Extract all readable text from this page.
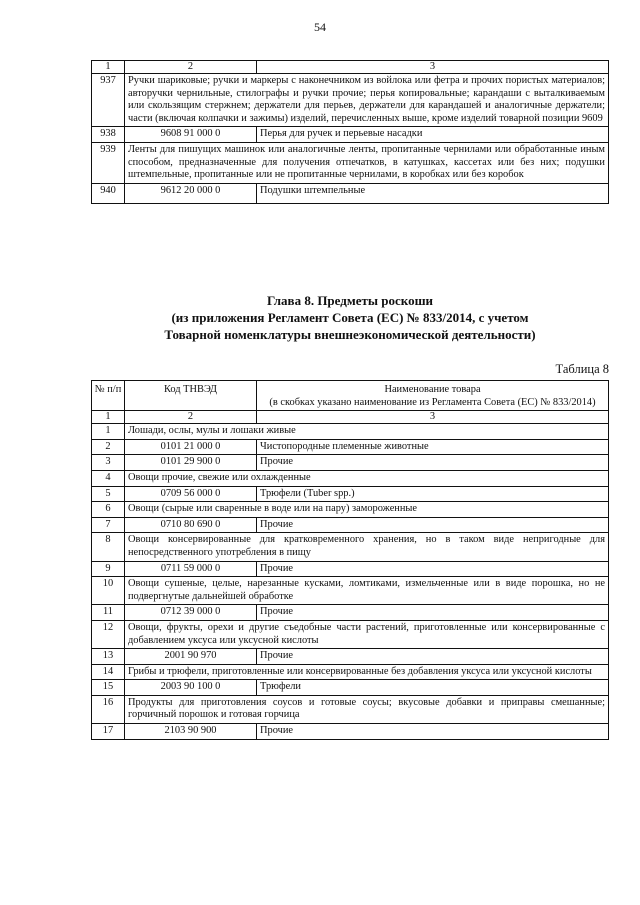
54
1	2	3
937	Ручки шариковые; ручки и маркеры с наконечником из войлока или фетра и прочих пористых материалов; авторучки чернильные, стилографы и ручки прочие; перья копировальные; карандаши с выталкиваемым или скользящим стержнем; держатели для перьев, держатели для карандашей и аналогичные держатели; части (включая колпачки и зажимы) изделий, перечисленных выше, кроме изделий товарной позиции 9609	
938	9608 91 000 0	Перья для ручек и перьевые насадки
939	Ленты для пишущих машинок или аналогичные ленты, пропитанные чернилами или обработанные иным способом, предназначенные для получения отпечатков, в катушках, кассетах или без них; подушки штемпельные, пропитанные или не пропитанные чернилами, в коробках или без коробок	
940	9612 20 000 0	Подушки штемпельные
Глава 8. Предметы роскоши
(из приложения Регламент Совета (ЕС) № 833/2014, с учетом
Товарной номенклатуры внешнеэкономической деятельности)
Таблица 8
№ п/п	Код ТНВЭД	Наименование товара
(в скобках указано наименование из Регламента Совета (ЕС) № 833/2014)

1	2	3
1	Лошади, ослы, мулы и лошаки живые	
2	0101 21 000 0	Чистопородные племенные животные
3	0101 29 900 0	Прочие
4	Овощи прочие, свежие или охлажденные	
5	0709 56 000 0	Трюфели (Tuber spp.)
6	Овощи (сырые или сваренные в воде или на пару) замороженные	
7	0710 80 690 0	Прочие
8	Овощи консервированные для кратковременного хранения, но в таком виде непригодные для непосредственного употребления в пищу	
9	0711 59 000 0	Прочие
10	Овощи сушеные, целые, нарезанные кусками, ломтиками, измельченные или в виде порошка, но не подвергнутые дальнейшей обработке	
11	0712 39 000 0	Прочие
12	Овощи, фрукты, орехи и другие съедобные части растений, приготовленные или консервированные с добавлением уксуса или уксусной кислоты	
13	2001 90 970	Прочие
14	Грибы и трюфели, приготовленные или консервированные без добавления уксуса или уксусной кислоты	
15	2003 90 100 0	Трюфели
16	Продукты для приготовления соусов и готовые соусы; вкусовые добавки и приправы смешанные; горчичный порошок и готовая горчица	
17	2103 90 900	Прочие
